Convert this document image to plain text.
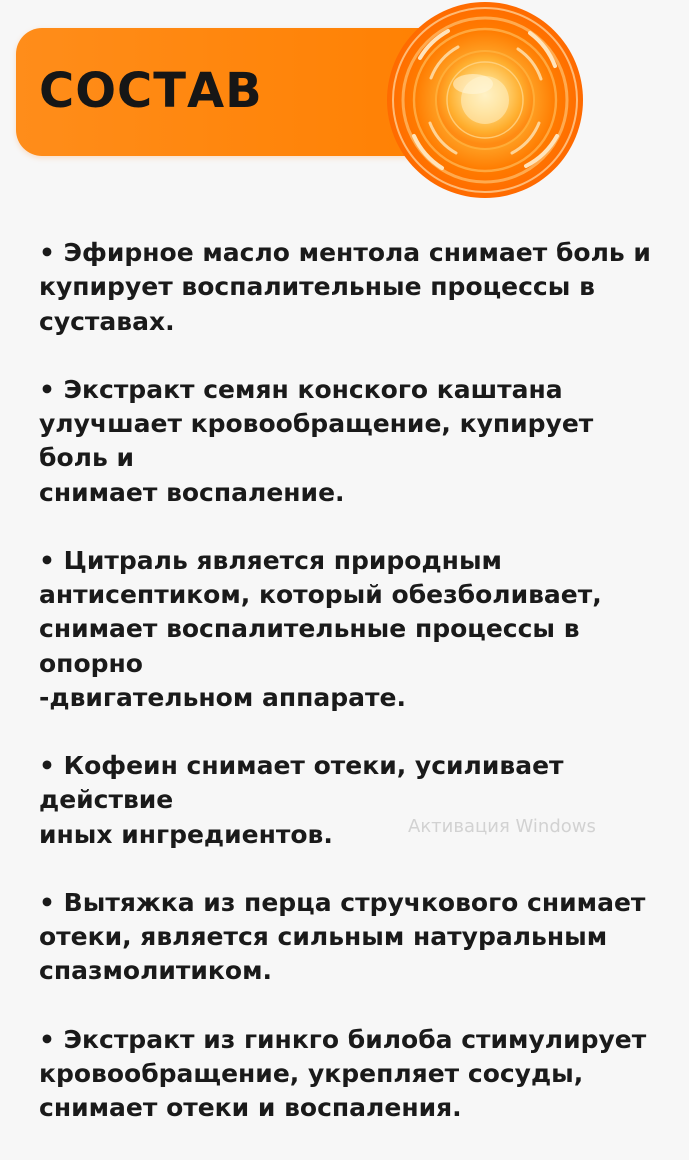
СОСТАВ

• Эфирное масло ментола снимает боль и
купирует воспалительные процессы в
суставах.

• Экстракт семян конского каштана
улучшает кровообращение, купирует боль и
снимает воспаление.

• Цитраль является природным
антисептиком, который обезболивает,
снимает воспалительные процессы в опорно
-двигательном аппарате.

• Кофеин снимает отеки, усиливает действие
иных ингредиентов.

• Вытяжка из перца стручкового снимает
отеки, является сильным натуральным
спазмолитиком.

• Экстракт из гинкго билоба стимулирует
кровообращение, укрепляет сосуды,
снимает отеки и воспаления.

Активация Windows
